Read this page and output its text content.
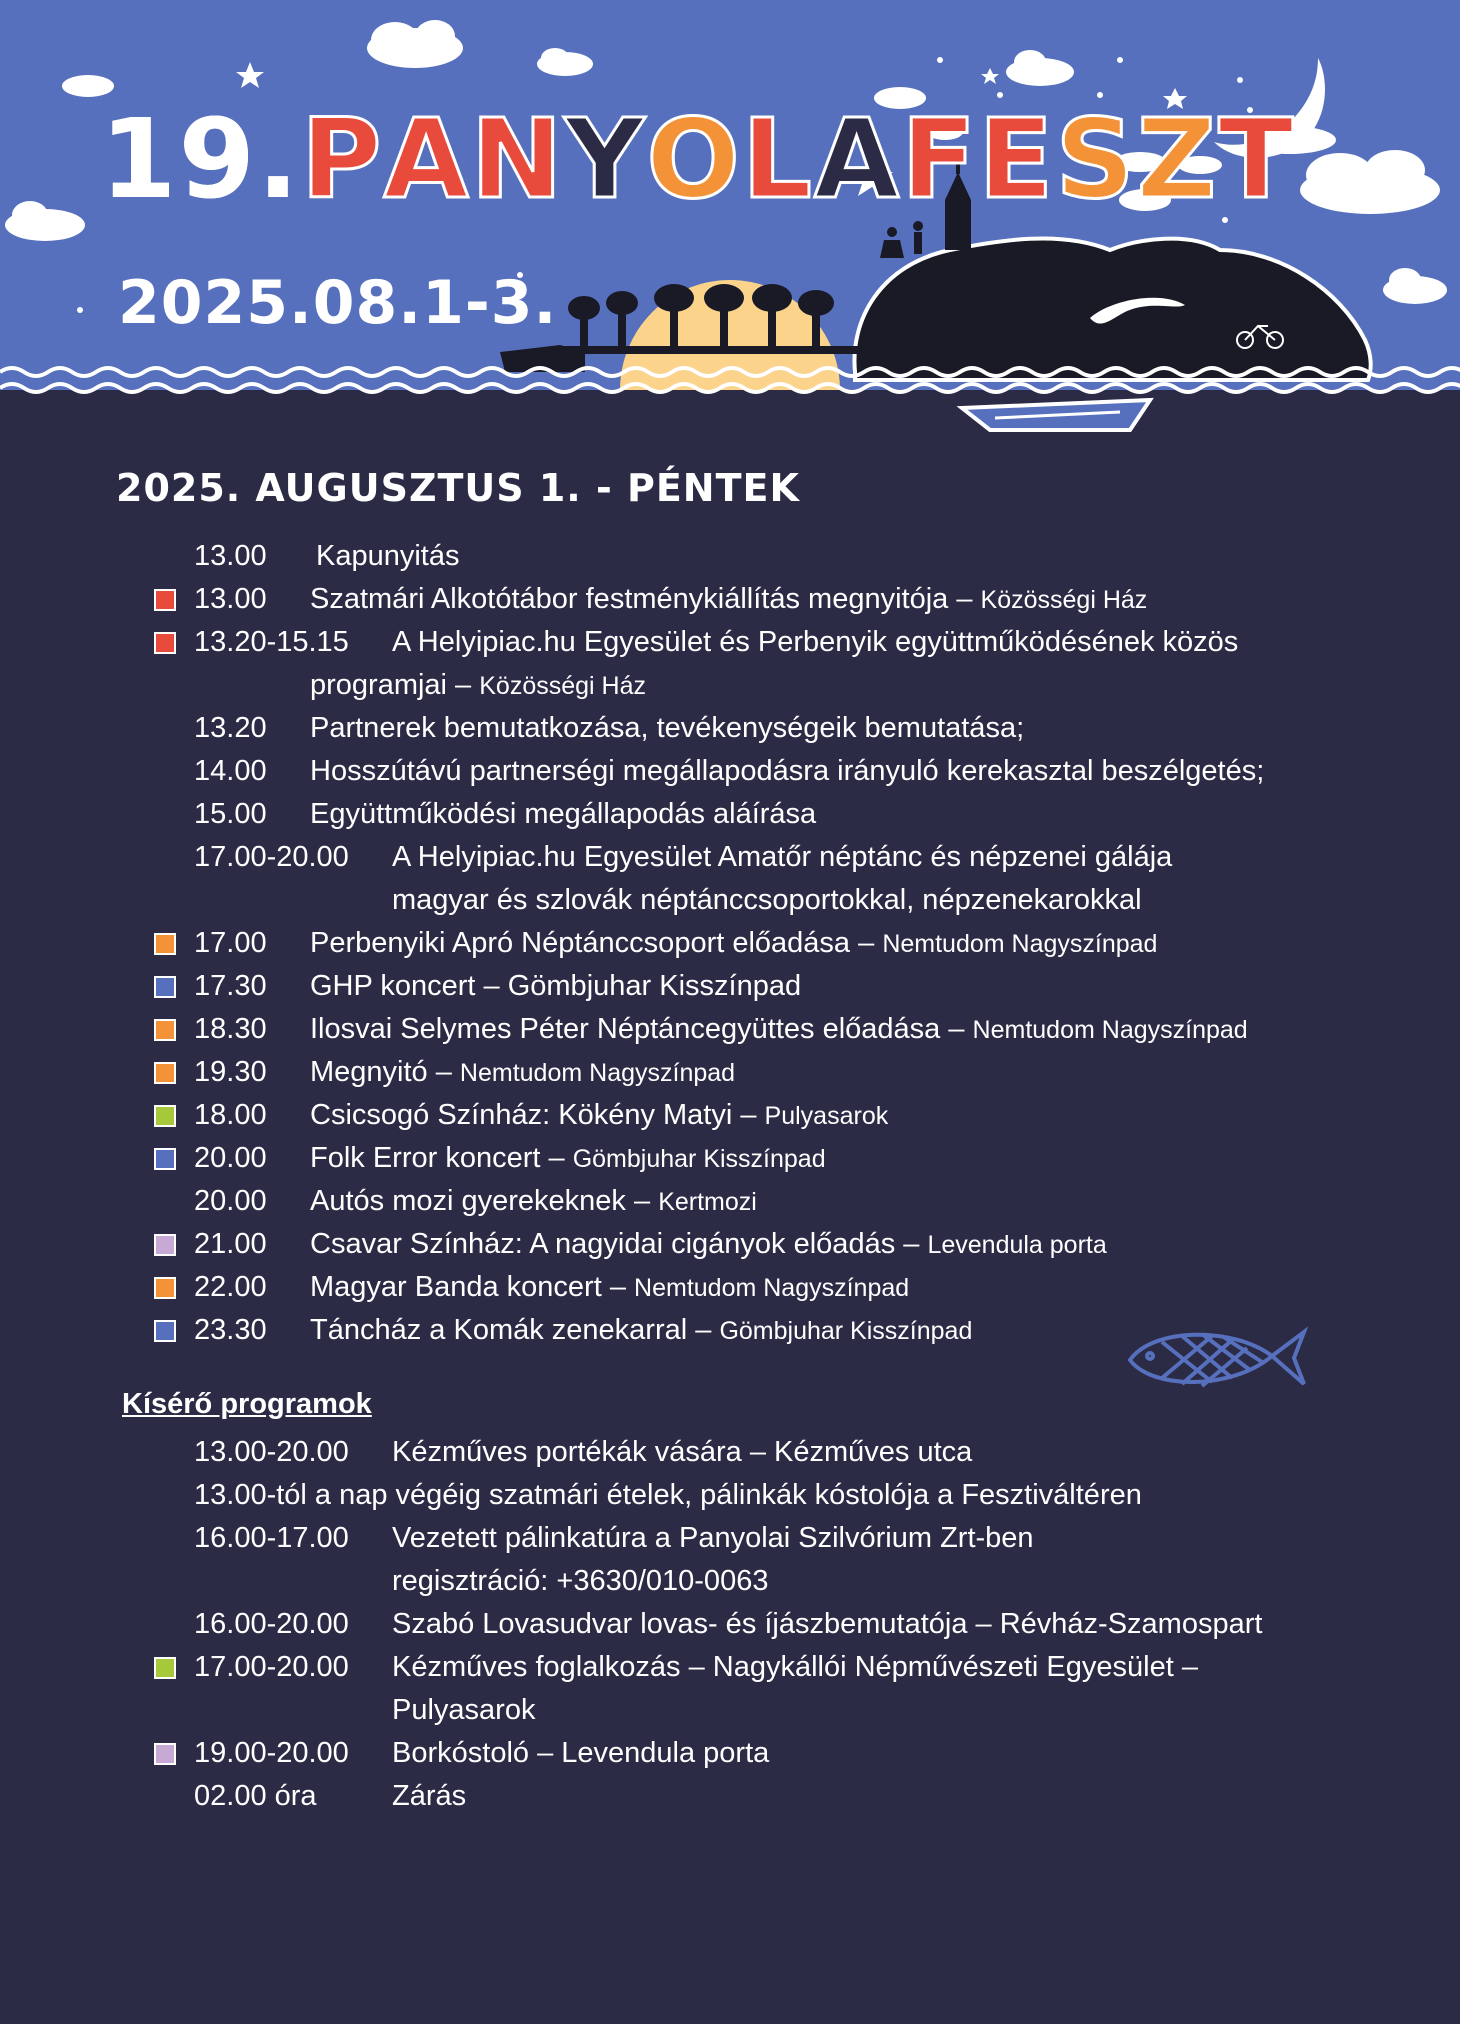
19.PANYOLAFESZT
2025.08.1-3.
2025. AUGUSZTUS 1. - PÉNTEK
13.00 Kapunyitás
13.00 Szatmári Alkotótábor festménykiállítás megnyitója – Közösségi Ház
13.20-15.15 A Helyipiac.hu Egyesület és Perbenyik együttműködésének közös
programjai – Közösségi Ház
13.20 Partnerek bemutatkozása, tevékenységeik bemutatása;
14.00 Hosszútávú partnerségi megállapodásra irányuló kerekasztal beszélgetés;
15.00 Együttműködési megállapodás aláírása
17.00-20.00 A Helyipiac.hu Egyesület Amatőr néptánc és népzenei gálája
magyar és szlovák néptánccsoportokkal, népzenekarokkal
17.00 Perbenyiki Apró Néptánccsoport előadása – Nemtudom Nagyszínpad
17.30 GHP koncert – Gömbjuhar Kisszínpad
18.30 Ilosvai Selymes Péter Néptáncegyüttes előadása – Nemtudom Nagyszínpad
19.30 Megnyitó – Nemtudom Nagyszínpad
18.00 Csicsogó Színház: Kökény Matyi – Pulyasarok
20.00 Folk Error koncert – Gömbjuhar Kisszínpad
20.00 Autós mozi gyerekeknek – Kertmozi
21.00 Csavar Színház: A nagyidai cigányok előadás – Levendula porta
22.00 Magyar Banda koncert – Nemtudom Nagyszínpad
23.30 Táncház a Komák zenekarral – Gömbjuhar Kisszínpad
Kísérő programok
13.00-20.00 Kézműves portékák vására – Kézműves utca
13.00-tól a nap végéig szatmári ételek, pálinkák kóstolója a Fesztiváltéren
16.00-17.00 Vezetett pálinkatúra a Panyolai Szilvórium Zrt-ben
regisztráció: +3630/010-0063
16.00-20.00 Szabó Lovasudvar lovas- és íjászbemutatója – Révház-Szamospart
17.00-20.00 Kézműves foglalkozás – Nagykállói Népművészeti Egyesület –
Pulyasarok
19.00-20.00 Borkóstoló – Levendula porta
02.00 óra	Zárás
